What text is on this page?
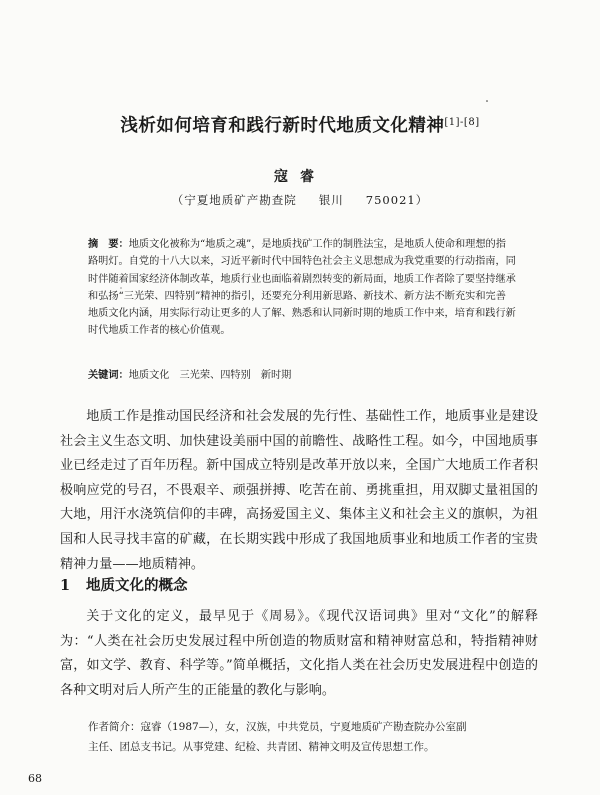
浅析如何培育和践行新时代地质文化精神[1]-[8]
寇睿
（宁夏地质矿产勘查院 银川 750021）
摘　要：地质文化被称为“地质之魂”，是地质找矿工作的制胜法宝，是地质人使命和理想的指路明灯。自党的十八大以来，习近平新时代中国特色社会主义思想成为我党重要的行动指南，同时伴随着国家经济体制改革，地质行业也面临着剧烈转变的新局面，地质工作者除了要坚持继承和弘扬“三光荣、四特别”精神的指引，还要充分利用新思路、新技术、新方法不断充实和完善地质文化内涵，用实际行动让更多的人了解、熟悉和认同新时期的地质工作中来，培育和践行新时代地质工作者的核心价值观。
关键词：地质文化 三光荣、四特别 新时期

地质工作是推动国民经济和社会发展的先行性、基础性工作，地质事业是建设社会主义生态文明、加快建设美丽中国的前瞻性、战略性工程。如今，中国地质事业已经走过了百年历程。新中国成立特别是改革开放以来，全国广大地质工作者积极响应党的号召，不畏艰辛、顽强拼搏、吃苦在前、勇挑重担，用双脚丈量祖国的大地，用汗水浇筑信仰的丰碑，高扬爱国主义、集体主义和社会主义的旗帜，为祖国和人民寻找丰富的矿藏，在长期实践中形成了我国地质事业和地质工作者的宝贵精神力量——地质精神。

1 地质文化的概念

关于文化的定义，最早见于《周易》。《现代汉语词典》里对“文化”的解释为：“人类在社会历史发展过程中所创造的物质财富和精神财富总和，特指精神财富，如文学、教育、科学等。”简单概括，文化指人类在社会历史发展进程中创造的各种文明对后人所产生的正能量的教化与影响。

作者简介：寇睿（1987—），女，汉族，中共党员，宁夏地质矿产勘查院办公室副
主任、团总支书记。从事党建、纪检、共青团、精神文明及宣传思想工作。

68
